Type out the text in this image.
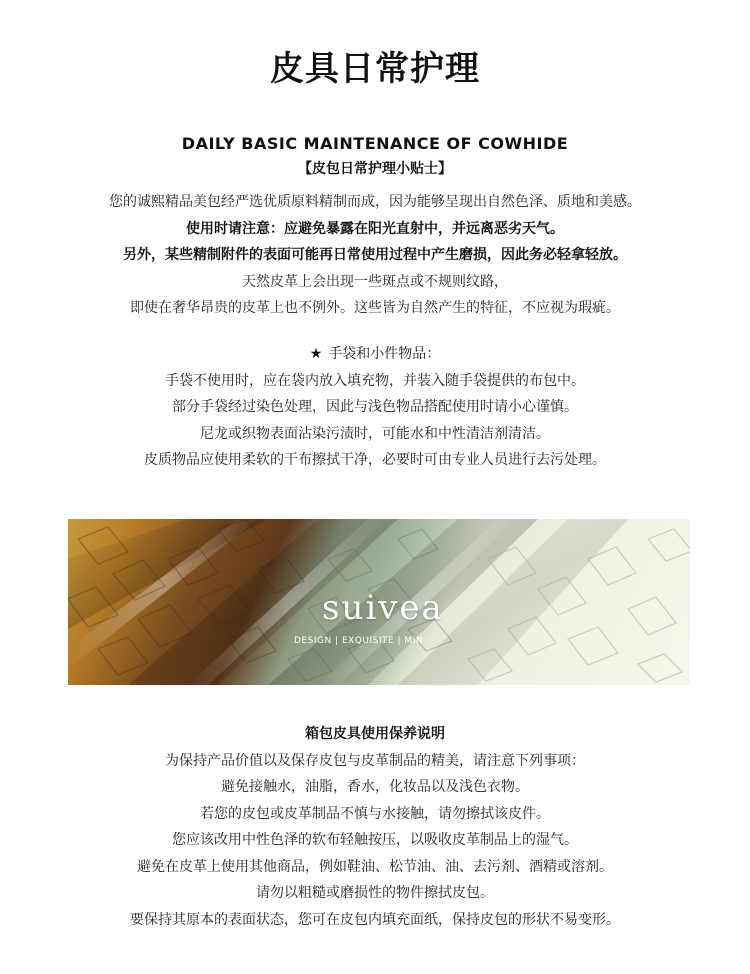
皮具日常护理
DAILY BASIC MAINTENANCE OF COWHIDE
【皮包日常护理小贴士】
您的诚熙精品美包经严选优质原料精制而成，因为能够呈现出自然色泽、质地和美感。
使用时请注意：应避免暴露在阳光直射中，并远离恶劣天气。
另外，某些精制附件的表面可能再日常使用过程中产生磨损，因此务必轻拿轻放。
天然皮革上会出现一些斑点或不规则纹路，
即使在奢华昂贵的皮革上也不例外。这些皆为自然产生的特征，不应视为瑕疵。
★ 手袋和小件物品：
手袋不使用时，应在袋内放入填充物，并装入随手袋提供的布包中。
部分手袋经过染色处理，因此与浅色物品搭配使用时请小心谨慎。
尼龙或织物表面沾染污渍时，可能水和中性清洁剂清洁。
皮质物品应使用柔软的干布擦拭干净，必要时可由专业人员进行去污处理。
suivea
DESIGN | EXQUISITE | MIN
箱包皮具使用保养说明
为保持产品价值以及保存皮包与皮革制品的精美，请注意下列事项：
避免接触水，油脂，香水，化妆品以及浅色衣物。
若您的皮包或皮革制品不慎与水接触，请勿擦拭该皮件。
您应该改用中性色泽的软布轻触按压，以吸收皮革制品上的湿气。
避免在皮革上使用其他商品，例如鞋油、松节油、油、去污剂、酒精或溶剂。
请勿以粗糙或磨损性的物件擦拭皮包。
要保持其原本的表面状态，您可在皮包内填充面纸，保持皮包的形状不易变形。
